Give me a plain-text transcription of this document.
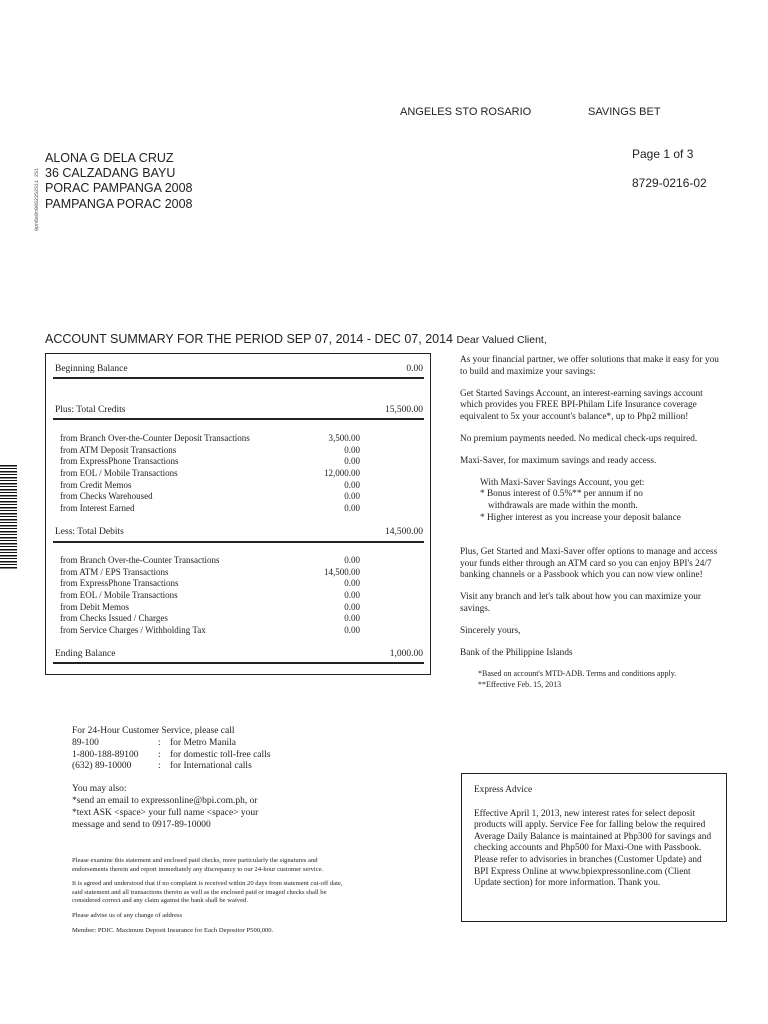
ANGELES STO ROSARIO	SAVINGS BET
ALONA G DELA CRUZ
36 CALZADANG BAYU
PORAC PAMPANGA 2008
PAMPANGA PORAC 2008
Page 1 of 3
8729-0216-02
0pn6e9n00S23S2S11 2S1
ACCOUNT SUMMARY FOR THE PERIOD SEP 07, 2014 - DEC 07, 2014 Dear Valued Client,
Beginning Balance	0.00
Plus: Total Credits	15,500.00
from Branch Over-the-Counter Deposit Transactions	3,500.00
from ATM Deposit Transactions	0.00
from ExpressPhone Transactions	0.00
from EOL / Mobile Transactions	12,000.00
from Credit Memos	0.00
from Checks Warehoused	0.00
from Interest Earned	0.00
Less: Total Debits	14,500.00
from Branch Over-the-Counter Transactions	0.00
from ATM / EPS Transactions	14,500.00
from ExpressPhone Transactions	0.00
from EOL / Mobile Transactions	0.00
from Debit Memos	0.00
from Checks Issued / Charges	0.00
from Service Charges / Withholding Tax	0.00
Ending Balance	1,000.00

As your financial partner, we offer solutions that make it easy for you to build and maximize your savings:

Get Started Savings Account, an interest-earning savings account which provides you FREE BPI-Philam Life Insurance coverage equivalent to 5x your account's balance*, up to Php2 million!

No premium payments needed. No medical check-ups required.

Maxi-Saver, for maximum savings and ready access.

With Maxi-Saver Savings Account, you get:
* Bonus interest of 0.5%** per annum if no
withdrawals are made within the month.
* Higher interest as you increase your deposit balance

Plus, Get Started and Maxi-Saver offer options to manage and access your funds either through an ATM card so you can enjoy BPI's 24/7 banking channels or a Passbook which you can now view online!

Visit any branch and let's talk about how you can maximize your savings.

Sincerely yours,

Bank of the Philippine Islands

*Based on account's MTD-ADB. Terms and conditions apply.
**Effective Feb. 15, 2013
For 24-Hour Customer Service, please call
89-100	: for Metro Manila
1-800-188-89100 : for domestic toll-free calls
(632) 89-10000	: for International calls
You may also:
*send an email to expressonline@bpi.com.ph, or
*text ASK <space> your full name <space> your
message and send to 0917-89-10000

Please examine this statement and enclosed paid checks, more particularly the signatures and endorsements therein and report immediately any discrepancy to our 24-hour customer service.

It is agreed and understood that if no complaint is received within 20 days from statement cut-off date, said statement and all transactions therein as well as the enclosed paid or imaged checks shall be considered correct and any claim against the bank shall be waived.

Please advise us of any change of address

Member: PDIC. Maximum Deposit Insurance for Each Depositor P500,000.

Express Advice
Effective April 1, 2013, new interest rates for select deposit products will apply. Service Fee for falling below the required Average Daily Balance is maintained at Php300 for savings and checking accounts and Php500 for Maxi-One with Passbook. Please refer to advisories in branches (Customer Update) and BPI Express Online at www.bpiexpressonline.com (Client Update section) for more information. Thank you.
